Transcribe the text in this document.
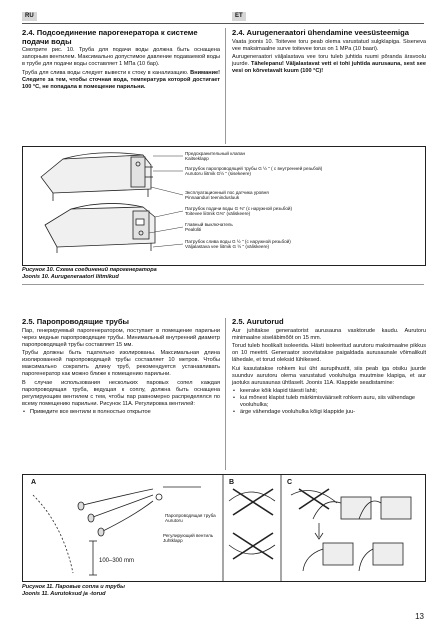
RU	ET
2.4. Подсоединение парогенератора к системе подачи воды

Смотрите рис. 10. Труба для подачи воды должна быть оснащена запорным вентилем. Максимально допустимое давление подаваемой воды в трубе для подачи воды составляет 1 МПа (10 бар).

Труба для слива воды следует вывести к стоку в канализацию. Внимание! Следите за тем, чтобы сточная вода, температура которой достигает 100 °С, не попадала в помещение парильни.

2.4. Aurugeneraatori ühendamine veesüsteemiga

Vaata joonis 10. Toitevee toru peab olema varustatud sulgklapiga. Siseneva vee maksimaalne surve toitevee torus on 1 MPa (10 baari).

Aurugeneraatori väljalastava vee toru tuleb juhtida ruumi põranda äravoolu juurde. Tähelepanu! Väljalastavat vett ei tohi juhtida aurusauna, sest see vesi on kõrvetavalt kuum (100 °C)!

Предохранительный клапан
Kaitseklapp
Патрубок паропроводящей трубы G ½ " ( с внутренней резьбой)
Aurutoru liitmik G½ " (sisekeere)
Эксплуатационный пос датчика уровня
Pinnaanduri teenindusluuk
Патрубок подачи воды G ⅜" (с наружной резьбой)
Toitevee liitmik G⅜" (väliskeere)
Главный выключатель
Pealüliti
Патрубок слива воды G ½ " (с наружной резьбой)
Väljalastava vee liitmik G ½ " (väliskeere)
Рисунок 10. Схема соединений парогенератора
Joonis 10. Aurugeneraatori liitmikud
2.5. Паропроводящие трубы

Пар, генерируемый парогенератором, поступает в помещение парильни через медные паропроводящие трубы. Минимальный внутренний диаметр паропроводящей трубы составляет 15 мм.

Трубы должны быть тщательно изолированы. Максимальная длина изолированной паропроводящей трубы составляет 10 метров. Чтобы максимально сократить длину труб, рекомендуется устанавливать парогенератор как можно ближе к помещению парильни.

В случае использования нескольких паровых сопел каждая паропроводящая труба, ведущая к соплу, должна быть оснащена регулирующим вентилем с тем, чтобы пар равномерно распределялся по всему помещению парильни. Рисунок 11А. Регулировка вентилей:

• Приведите все вентили в полностью открытое
2.5. Aurutorud

Aur juhitakse generaatorist aurusauna vasktorude kaudu. Aurutoru minimaalne siseläbimõõt on 15 mm.

Torud tuleb hoolikalt isoleerida. Hästi isoleeritud aurutoru maksimaalne pikkus on 10 meetrit. Generaator soovitatakse paigaldada aurusaunale võimalikult lähedale, et torud oleksid lühikesed.

Kui kasutatakse rohkem kui üht aurupihustit, siis peab iga otsiku juurde suunduv aurutoru olema varustatud vooluhulga muutmise klapiga, et aur jaotuks aurusaunas ühtlaselt. Joonis 11A. Klappide seadistamine:

• keerake kõik klapid täiesti lahti;
• kui mõnest klapist tuleb märkimisväärselt rohkem auru, siis vähendage vooluhulka;
• ärge vähendage vooluhulka kõigi klappide juu-
A	B	C
Паропроводящая труба
Aurutoru
Регулирующий вентиль
Juhtklapp
100–300 mm
Рисунок 11. Паровые сопла и трубы
Joonis 11. Aurutoksud ja -torud
13
